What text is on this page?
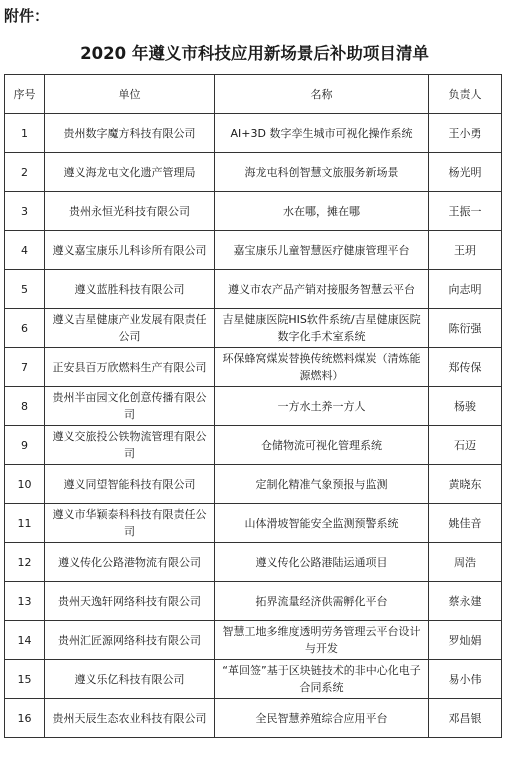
附件：
2020 年遵义市科技应用新场景后补助项目清单
序号	单位	名称	负责人
1	贵州数字魔方科技有限公司	AI+3D 数字孪生城市可视化操作系统	王小勇
2	遵义海龙屯文化遗产管理局	海龙屯科创智慧文旅服务新场景	杨光明
3	贵州永恒光科技有限公司	水在哪，摊在哪	王振一
4	遵义嘉宝康乐儿科诊所有限公司	嘉宝康乐儿童智慧医疗健康管理平台	王玥
5	遵义蓝胜科技有限公司	遵义市农产品产销对接服务智慧云平台	向志明
6	遵义吉星健康产业发展有限责任公司	吉星健康医院HIS软件系统/吉星健康医院数字化手术室系统	陈衍强
7	正安县百万欣燃料生产有限公司	环保蜂窝煤炭替换传统燃料煤炭（清炼能源燃料）	郑传保
8	贵州半亩园文化创意传播有限公司	一方水土养一方人	杨骏
9	遵义交旅投公铁物流管理有限公司	仓储物流可视化管理系统	石迈
10	遵义同望智能科技有限公司	定制化精准气象预报与监测	黄晓东
11	遵义市华颖泰科科技有限责任公司	山体滑坡智能安全监测预警系统	姚佳音
12	遵义传化公路港物流有限公司	遵义传化公路港陆运通项目	周浩
13	贵州天逸轩网络科技有限公司	拓界流量经济供需孵化平台	蔡永建
14	贵州汇匠源网络科技有限公司	智慧工地多维度透明劳务管理云平台设计与开发	罗灿娟
15	遵义乐亿科技有限公司	“革回签”基于区块链技术的非中心化电子合同系统	易小伟
16	贵州天辰生态农业科技有限公司	全民智慧养殖综合应用平台	邓昌银
